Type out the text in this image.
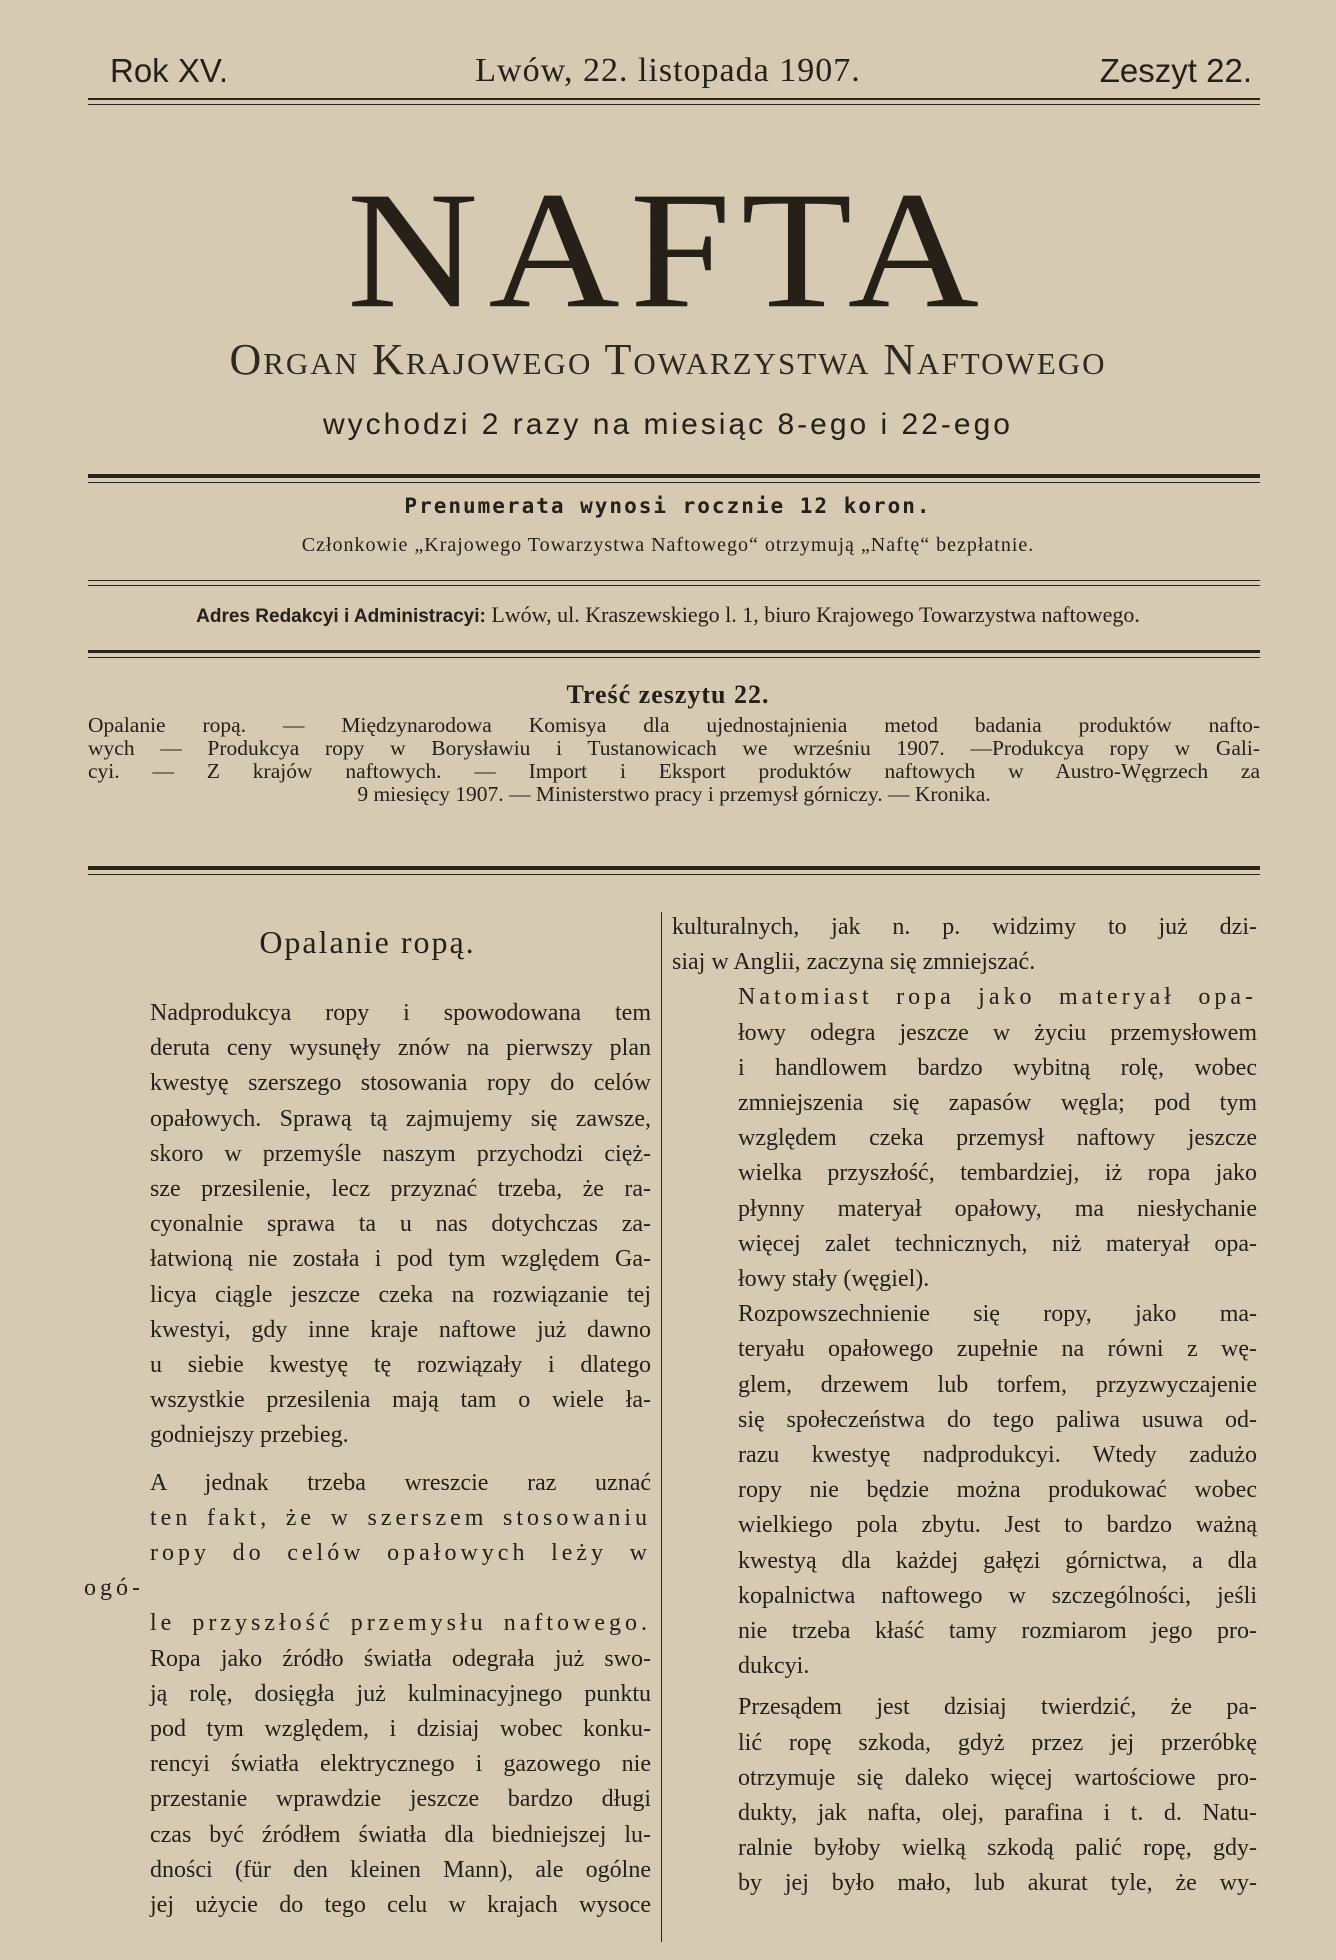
Rok XV.	Lwów, 22. listopada 1907.	Zeszyt 22.
NAFTA
Organ Krajowego Towarzystwa Naftowego
wychodzi 2 razy na miesiąc 8-ego i 22-ego
Prenumerata wynosi rocznie 12 koron.
Członkowie „Krajowego Towarzystwa Naftowego“ otrzymują „Naftę“ bezpłatnie.
Adres Redakcyi i Administracyi: Lwów, ul. Kraszewskiego l. 1, biuro Krajowego Towarzystwa naftowego.
Treść zeszytu 22.
Opalanie ropą. — Międzynarodowa Komisya dla ujednostajnienia metod badania produktów nafto-
wych — Produkcya ropy w Borysławiu i Tustanowicach we wrześniu 1907. —Produkcya ropy w Gali-
cyi. — Z krajów naftowych. — Import i Eksport produktów naftowych w Austro-Węgrzech za
9 miesięcy 1907. — Ministerstwo pracy i przemysł górniczy. — Kronika.
Opalanie ropą.

Nadprodukcya ropy i spowodowana tem
deruta ceny wysunęły znów na pierwszy plan
kwestyę szerszego stosowania ropy do celów
opałowych. Sprawą tą zajmujemy się zawsze,
skoro w przemyśle naszym przychodzi cięż-
sze przesilenie, lecz przyznać trzeba, że ra-
cyonalnie sprawa ta u nas dotychczas za-
łatwioną nie została i pod tym względem Ga-
licya ciągle jeszcze czeka na rozwiązanie tej
kwestyi, gdy inne kraje naftowe już dawno
u siebie kwestyę tę rozwiązały i dlatego
wszystkie przesilenia mają tam o wiele ła-
godniejszy przebieg.

A jednak trzeba wreszcie raz uznać
ten fakt, że w szerszem stosowaniu
ropy do celów opałowych leży w ogó-
le przyszłość przemysłu naftowego.
Ropa jako źródło światła odegrała już swo-
ją rolę, dosięgła już kulminacyjnego punktu
pod tym względem, i dzisiaj wobec konku-
rencyi światła elektrycznego i gazowego nie
przestanie wprawdzie jeszcze bardzo długi
czas być źródłem światła dla biedniejszej lu-
dności (für den kleinen Mann), ale ogólne
jej użycie do tego celu w krajach wysoce

kulturalnych, jak n. p. widzimy to już dzi-
siaj w Anglii, zaczyna się zmniejszać.

Natomiast ropa jako materyał opa-
łowy odegra jeszcze w życiu przemysłowem
i handlowem bardzo wybitną rolę, wobec
zmniejszenia się zapasów węgla; pod tym
względem czeka przemysł naftowy jeszcze
wielka przyszłość, tembardziej, iż ropa jako
płynny materyał opałowy, ma niesłychanie
więcej zalet technicznych, niż materyał opa-
łowy stały (węgiel).

Rozpowszechnienie się ropy, jako ma-
teryału opałowego zupełnie na równi z wę-
glem, drzewem lub torfem, przyzwyczajenie
się społeczeństwa do tego paliwa usuwa od-
razu kwestyę nadprodukcyi. Wtedy zadużo
ropy nie będzie można produkować wobec
wielkiego pola zbytu. Jest to bardzo ważną
kwestyą dla każdej gałęzi górnictwa, a dla
kopalnictwa naftowego w szczególności, jeśli
nie trzeba kłaść tamy rozmiarom jego pro-
dukcyi.

Przesądem jest dzisiaj twierdzić, że pa-
lić ropę szkoda, gdyż przez jej przeróbkę
otrzymuje się daleko więcej wartościowe pro-
dukty, jak nafta, olej, parafina i t. d. Natu-
ralnie byłoby wielką szkodą palić ropę, gdy-
by jej było mało, lub akurat tyle, że wy-
